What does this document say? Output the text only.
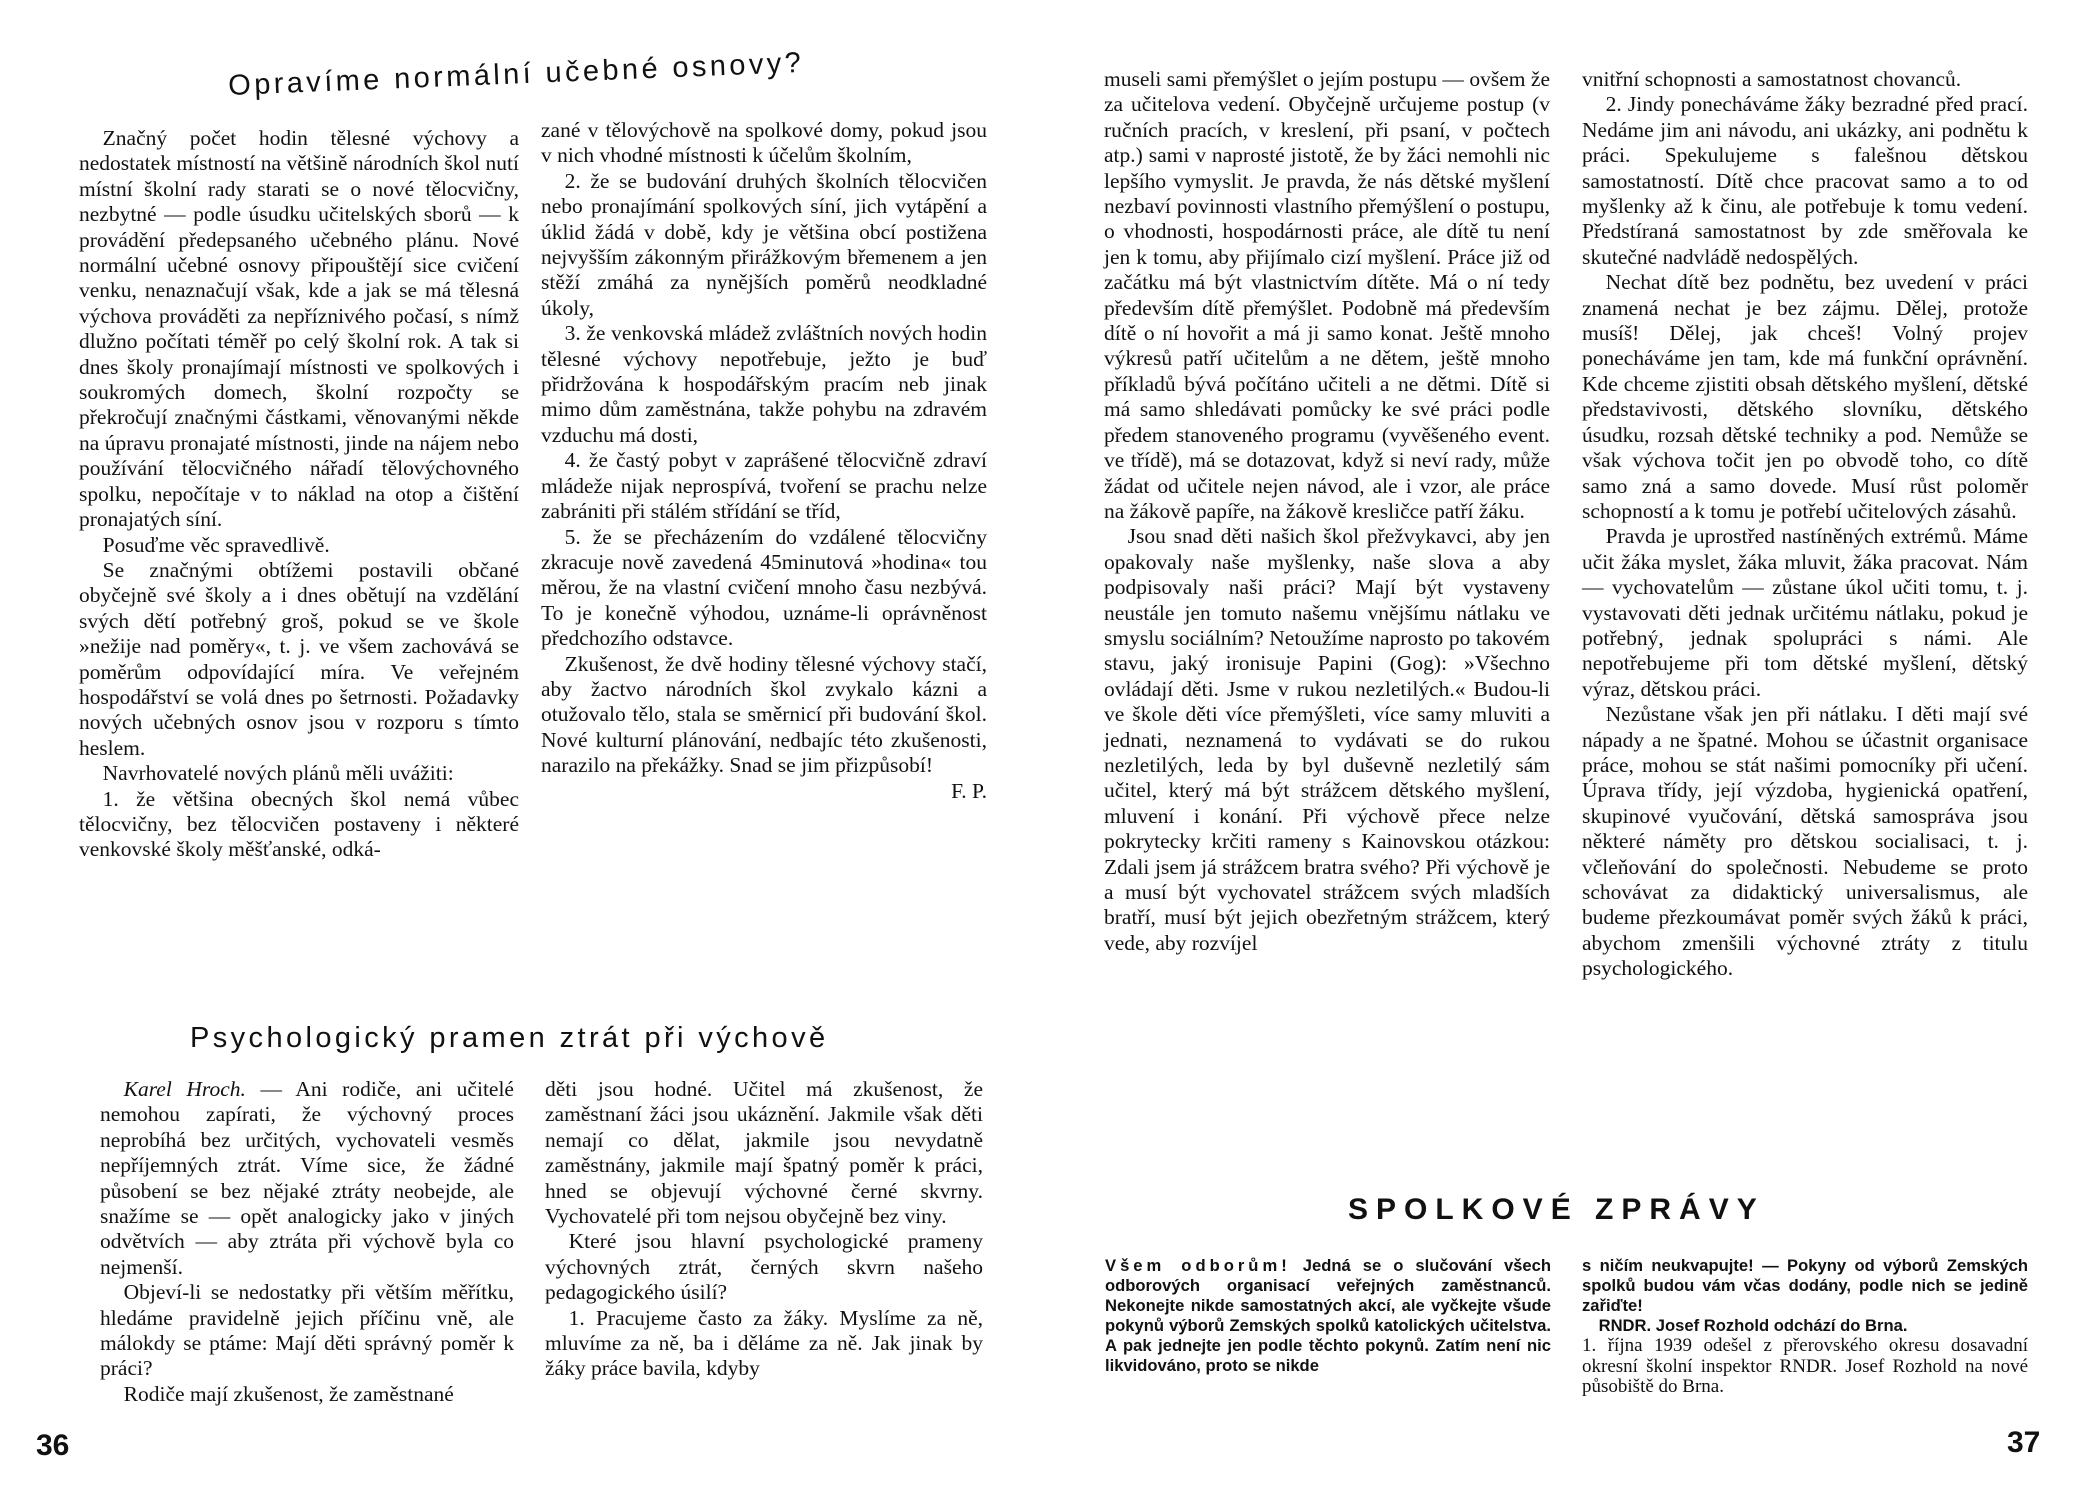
Opravíme normální učebné osnovy?

Značný počet hodin tělesné výchovy a nedostatek místností na většině národních škol nutí místní školní rady starati se o nové tělocvičny, nezbytné — podle úsudku učitelských sborů — k provádění předepsaného učebného plánu. Nové normální učebné osnovy připouštějí sice cvičení venku, nenaznačují však, kde a jak se má tělesná výchova prováděti za nepříznivého počasí, s nímž dlužno počítati téměř po celý školní rok. A tak si dnes školy pronajímají místnosti ve spolkových i soukromých domech, školní rozpočty se překročují značnými částkami, věnovanými někde na úpravu pronajaté místnosti, jinde na nájem nebo používání tělocvičného nářadí tělovýchovného spolku, nepočítaje v to náklad na otop a čištění pronajatých síní.

Posuďme věc spravedlivě.

Se značnými obtížemi postavili občané obyčejně své školy a i dnes obětují na vzdělání svých dětí potřebný groš, pokud se ve škole »nežije nad poměry«, t. j. ve všem zachovává se poměrům odpovídající míra. Ve veřejném hospodářství se volá dnes po šetrnosti. Požadavky nových učebných osnov jsou v rozporu s tímto heslem.

Navrhovatelé nových plánů měli uvážiti:

1. že většina obecných škol nemá vůbec tělocvičny, bez tělocvičen postaveny i některé venkovské školy měšťanské, odká-

zané v tělovýchově na spolkové domy, pokud jsou v nich vhodné místnosti k účelům školním,

2. že se budování druhých školních tělocvičen nebo pronajímání spolkových síní, jich vytápění a úklid žádá v době, kdy je většina obcí postižena nejvyšším zákonným přirážkovým břemenem a jen stěží zmáhá za nynějších poměrů neodkladné úkoly,

3. že venkovská mládež zvláštních nových hodin tělesné výchovy nepotřebuje, ježto je buď přidržována k hospodářským pracím neb jinak mimo dům zaměstnána, takže pohybu na zdravém vzduchu má dosti,

4. že častý pobyt v zaprášené tělocvičně zdraví mládeže nijak neprospívá, tvoření se prachu nelze zabrániti při stálém střídání se tříd,

5. že se přecházením do vzdálené tělocvičny zkracuje nově zavedená 45minutová »hodina« tou měrou, že na vlastní cvičení mnoho času nezbývá. To je konečně výhodou, uznáme-li oprávněnost předchozího odstavce.

Zkušenost, že dvě hodiny tělesné výchovy stačí, aby žactvo národních škol zvykalo kázni a otužovalo tělo, stala se směrnicí při budování škol. Nové kulturní plánování, nedbajíc této zkušenosti, narazilo na překážky. Snad se jim přizpůsobí!
F. P.

Psychologický pramen ztrát při výchově

Karel Hroch. — Ani rodiče, ani učitelé nemohou zapírati, že výchovný proces neprobíhá bez určitých, vychovateli vesměs nepříjemných ztrát. Víme sice, že žádné působení se bez nějaké ztráty neobejde, ale snažíme se — opět analogicky jako v jiných odvětvích — aby ztráta při výchově byla co nejmenší.

Objeví-li se nedostatky při větším měřítku, hledáme pravidelně jejich příčinu vně, ale málokdy se ptáme: Mají děti správný poměr k práci?

Rodiče mají zkušenost, že zaměstnané

děti jsou hodné. Učitel má zkušenost, že zaměstnaní žáci jsou ukáznění. Jakmile však děti nemají co dělat, jakmile jsou nevydatně zaměstnány, jakmile mají špatný poměr k práci, hned se objevují výchovné černé skvrny. Vychovatelé při tom nejsou obyčejně bez viny.

Které jsou hlavní psychologické prameny výchovných ztrát, černých skvrn našeho pedagogického úsilí?

1. Pracujeme často za žáky. Myslíme za ně, mluvíme za ně, ba i děláme za ně. Jak jinak by žáky práce bavila, kdyby

36

museli sami přemýšlet o jejím postupu — ovšem že za učitelova vedení. Obyčejně určujeme postup (v ručních pracích, v kreslení, při psaní, v počtech atp.) sami v naprosté jistotě, že by žáci nemohli nic lepšího vymyslit. Je pravda, že nás dětské myšlení nezbaví povinnosti vlastního přemýšlení o postupu, o vhodnosti, hospodárnosti práce, ale dítě tu není jen k tomu, aby přijímalo cizí myšlení. Práce již od začátku má být vlastnictvím dítěte. Má o ní tedy především dítě přemýšlet. Podobně má především dítě o ní hovořit a má ji samo konat. Ještě mnoho výkresů patří učitelům a ne dětem, ještě mnoho příkladů bývá počítáno učiteli a ne dětmi. Dítě si má samo shledávati pomůcky ke své práci podle předem stanoveného programu (vyvěšeného event. ve třídě), má se dotazovat, když si neví rady, může žádat od učitele nejen návod, ale i vzor, ale práce na žákově papíře, na žákově kresličce patří žáku.

Jsou snad děti našich škol přežvykavci, aby jen opakovaly naše myšlenky, naše slova a aby podpisovaly naši práci? Mají být vystaveny neustále jen tomuto našemu vnějšímu nátlaku ve smyslu sociálním? Netoužíme naprosto po takovém stavu, jaký ironisuje Papini (Gog): »Všechno ovládají děti. Jsme v rukou nezletilých.« Budou-li ve škole děti více přemýšleti, více samy mluviti a jednati, neznamená to vydávati se do rukou nezletilých, leda by byl duševně nezletilý sám učitel, který má být strážcem dětského myšlení, mluvení i konání. Při výchově přece nelze pokrytecky krčiti rameny s Kainovskou otázkou: Zdali jsem já strážcem bratra svého? Při výchově je a musí být vychovatel strážcem svých mladších bratří, musí být jejich obezřetným strážcem, který vede, aby rozvíjel

vnitřní schopnosti a samostatnost chovanců.

2. Jindy ponecháváme žáky bezradné před prací. Nedáme jim ani návodu, ani ukázky, ani podnětu k práci. Spekulujeme s falešnou dětskou samostatností. Dítě chce pracovat samo a to od myšlenky až k činu, ale potřebuje k tomu vedení. Předstíraná samostatnost by zde směřovala ke skutečné nadvládě nedospělých.

Nechat dítě bez podnětu, bez uvedení v práci znamená nechat je bez zájmu. Dělej, protože musíš! Dělej, jak chceš! Volný projev ponecháváme jen tam, kde má funkční oprávnění. Kde chceme zjistiti obsah dětského myšlení, dětské představivosti, dětského slovníku, dětského úsudku, rozsah dětské techniky a pod. Nemůže se však výchova točit jen po obvodě toho, co dítě samo zná a samo dovede. Musí růst poloměr schopností a k tomu je potřebí učitelových zásahů.

Pravda je uprostřed nastíněných extrémů. Máme učit žáka myslet, žáka mluvit, žáka pracovat. Nám — vychovatelům — zůstane úkol učiti tomu, t. j. vystavovati děti jednak určitému nátlaku, pokud je potřebný, jednak spolupráci s námi. Ale nepotřebujeme při tom dětské myšlení, dětský výraz, dětskou práci.

Nezůstane však jen při nátlaku. I děti mají své nápady a ne špatné. Mohou se účastnit organisace práce, mohou se stát našimi pomocníky při učení. Úprava třídy, její výzdoba, hygienická opatření, skupinové vyučování, dětská samospráva jsou některé náměty pro dětskou socialisaci, t. j. včleňování do společnosti. Nebudeme se proto schovávat za didaktický universalismus, ale budeme přezkoumávat poměr svých žáků k práci, abychom zmenšili výchovné ztráty z titulu psychologického.

SPOLKOVÉ ZPRÁVY

Všem odborům! Jedná se o slučování všech odborových organisací veřejných zaměstnanců. Nekonejte nikde samostatných akcí, ale vyčkejte všude pokynů výborů Zemských spolků katolických učitelstva. A pak jednejte jen podle těchto pokynů. Zatím není nic likvidováno, proto se nikde

s ničím neukvapujte! — Pokyny od výborů Zemských spolků budou vám včas dodány, podle nich se jedině zařiďte!

RNDR. Josef Rozhold odchází do Brna.

1. října 1939 odešel z přerovského okresu dosavadní okresní školní inspektor RNDR. Josef Rozhold na nové působiště do Brna.

37
